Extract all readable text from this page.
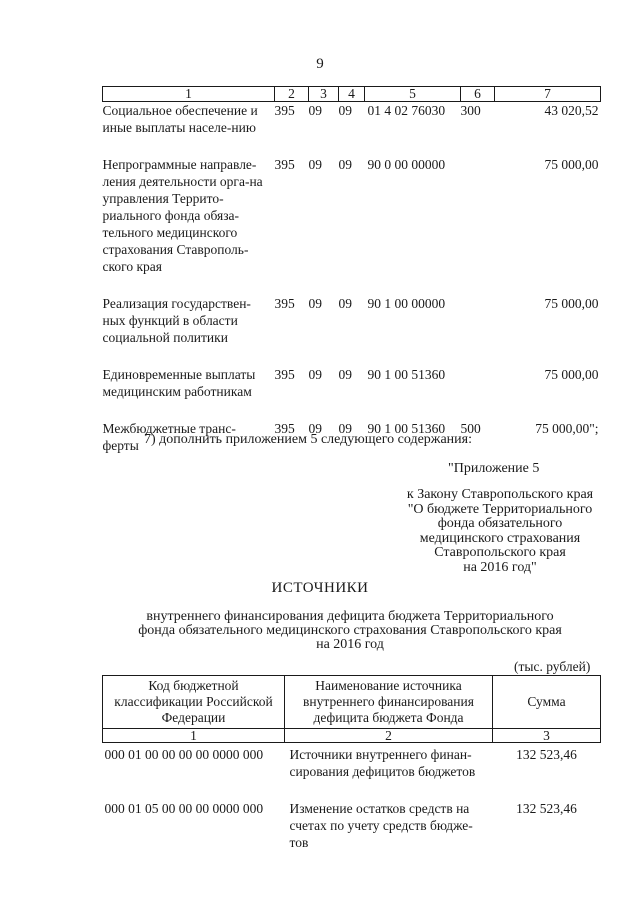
9
1	2	3	4	5	6	7
Социальное обеспечение и иные выплаты населе-нию	395	09	09	01 4 02 76030	300	43 020,52
Непрограммные направле-ления деятельности орга-на управления Террито-риального фонда обяза-тельного медицинского страхования Ставрополь-ского края	395	09	09	90 0 00 00000		75 000,00
Реализация государствен-ных функций в области социальной политики	395	09	09	90 1 00 00000		75 000,00
Единовременные выплаты медицинским работникам	395	09	09	90 1 00 51360		75 000,00
Межбюджетные транс-ферты	395	09	09	90 1 00 51360	500	75 000,00";
7) дополнить приложением 5 следующего содержания:
"Приложение 5
к Закону Ставропольского края
"О бюджете Территориального
фонда обязательного
медицинского страхования
Ставропольского края
на 2016 год"
ИСТОЧНИКИ
внутреннего финансирования дефицита бюджета Территориального
фонда обязательного медицинского страхования Ставропольского края
на 2016 год
(тыс. рублей)
Код бюджетной классификации Российской Федерации	Наименование источника внутреннего финансирования дефицита бюджета Фонда	Сумма
1	2	3
000 01 00 00 00 00 0000 000	Источники внутреннего финан-сирования дефицитов бюджетов	132 523,46
000 01 05 00 00 00 0000 000	Изменение остатков средств на счетах по учету средств бюдже-тов	132 523,46
